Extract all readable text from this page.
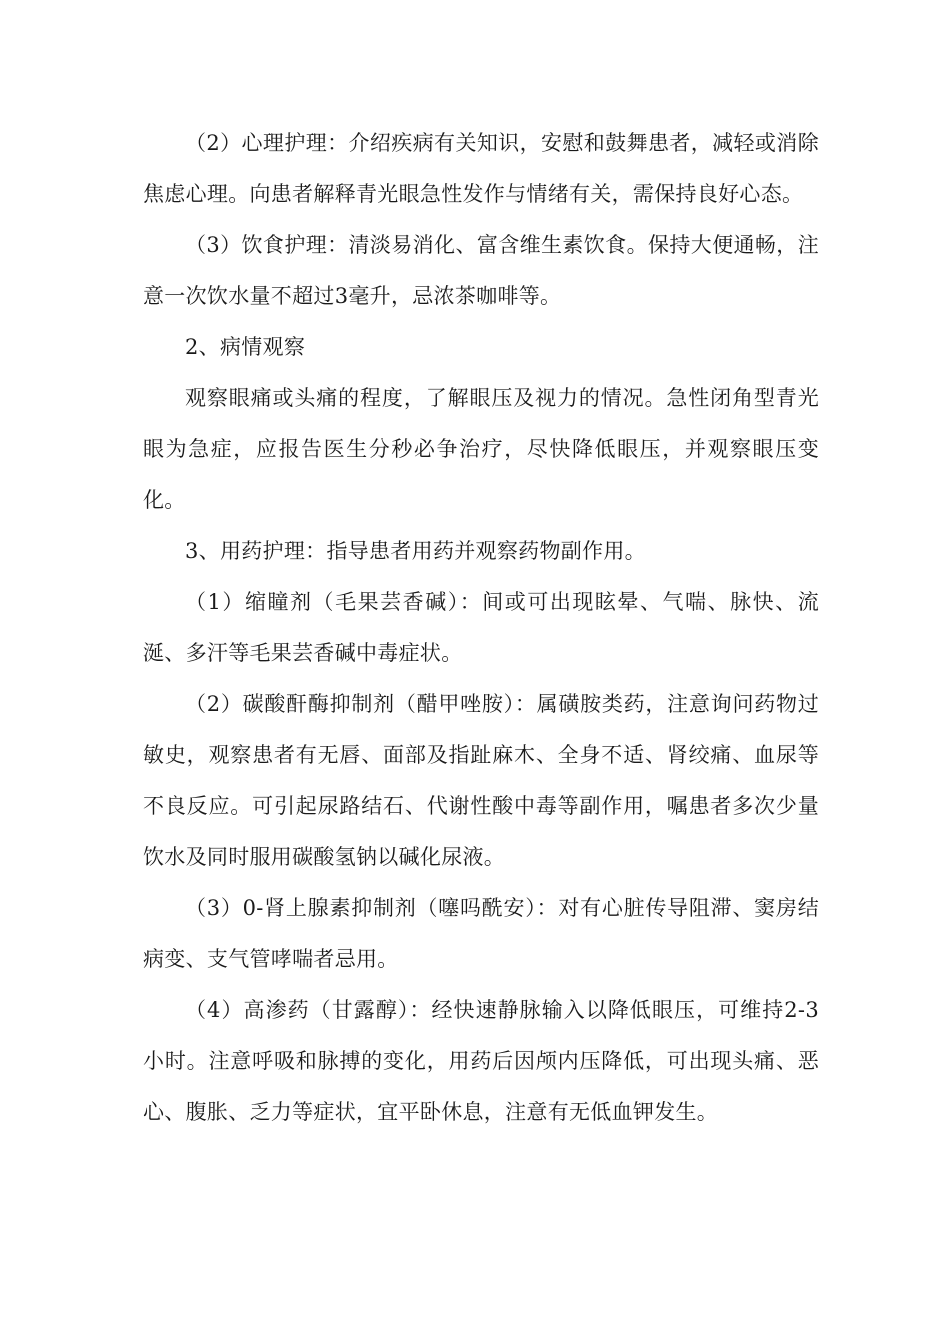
（2）心理护理：介绍疾病有关知识，安慰和鼓舞患者，减轻或消除焦虑心理。向患者解释青光眼急性发作与情绪有关，需保持良好心态。

（3）饮食护理：清淡易消化、富含维生素饮食。保持大便通畅，注意一次饮水量不超过3毫升，忌浓茶咖啡等。

2、病情观察

观察眼痛或头痛的程度，了解眼压及视力的情况。急性闭角型青光眼为急症，应报告医生分秒必争治疗，尽快降低眼压，并观察眼压变化。

3、用药护理：指导患者用药并观察药物副作用。

（1）缩瞳剂（毛果芸香碱）：间或可出现眩晕、气喘、脉快、流涎、多汗等毛果芸香碱中毒症状。

（2）碳酸酐酶抑制剂（醋甲唑胺）：属磺胺类药，注意询问药物过敏史，观察患者有无唇、面部及指趾麻木、全身不适、肾绞痛、血尿等不良反应。可引起尿路结石、代谢性酸中毒等副作用，嘱患者多次少量饮水及同时服用碳酸氢钠以碱化尿液。

（3）0-肾上腺素抑制剂（噻吗酰安）：对有心脏传导阻滞、窦房结病变、支气管哮喘者忌用。

（4）高渗药（甘露醇）：经快速静脉输入以降低眼压，可维持2-3小时。注意呼吸和脉搏的变化，用药后因颅内压降低，可出现头痛、恶心、腹胀、乏力等症状，宜平卧休息，注意有无低血钾发生。
